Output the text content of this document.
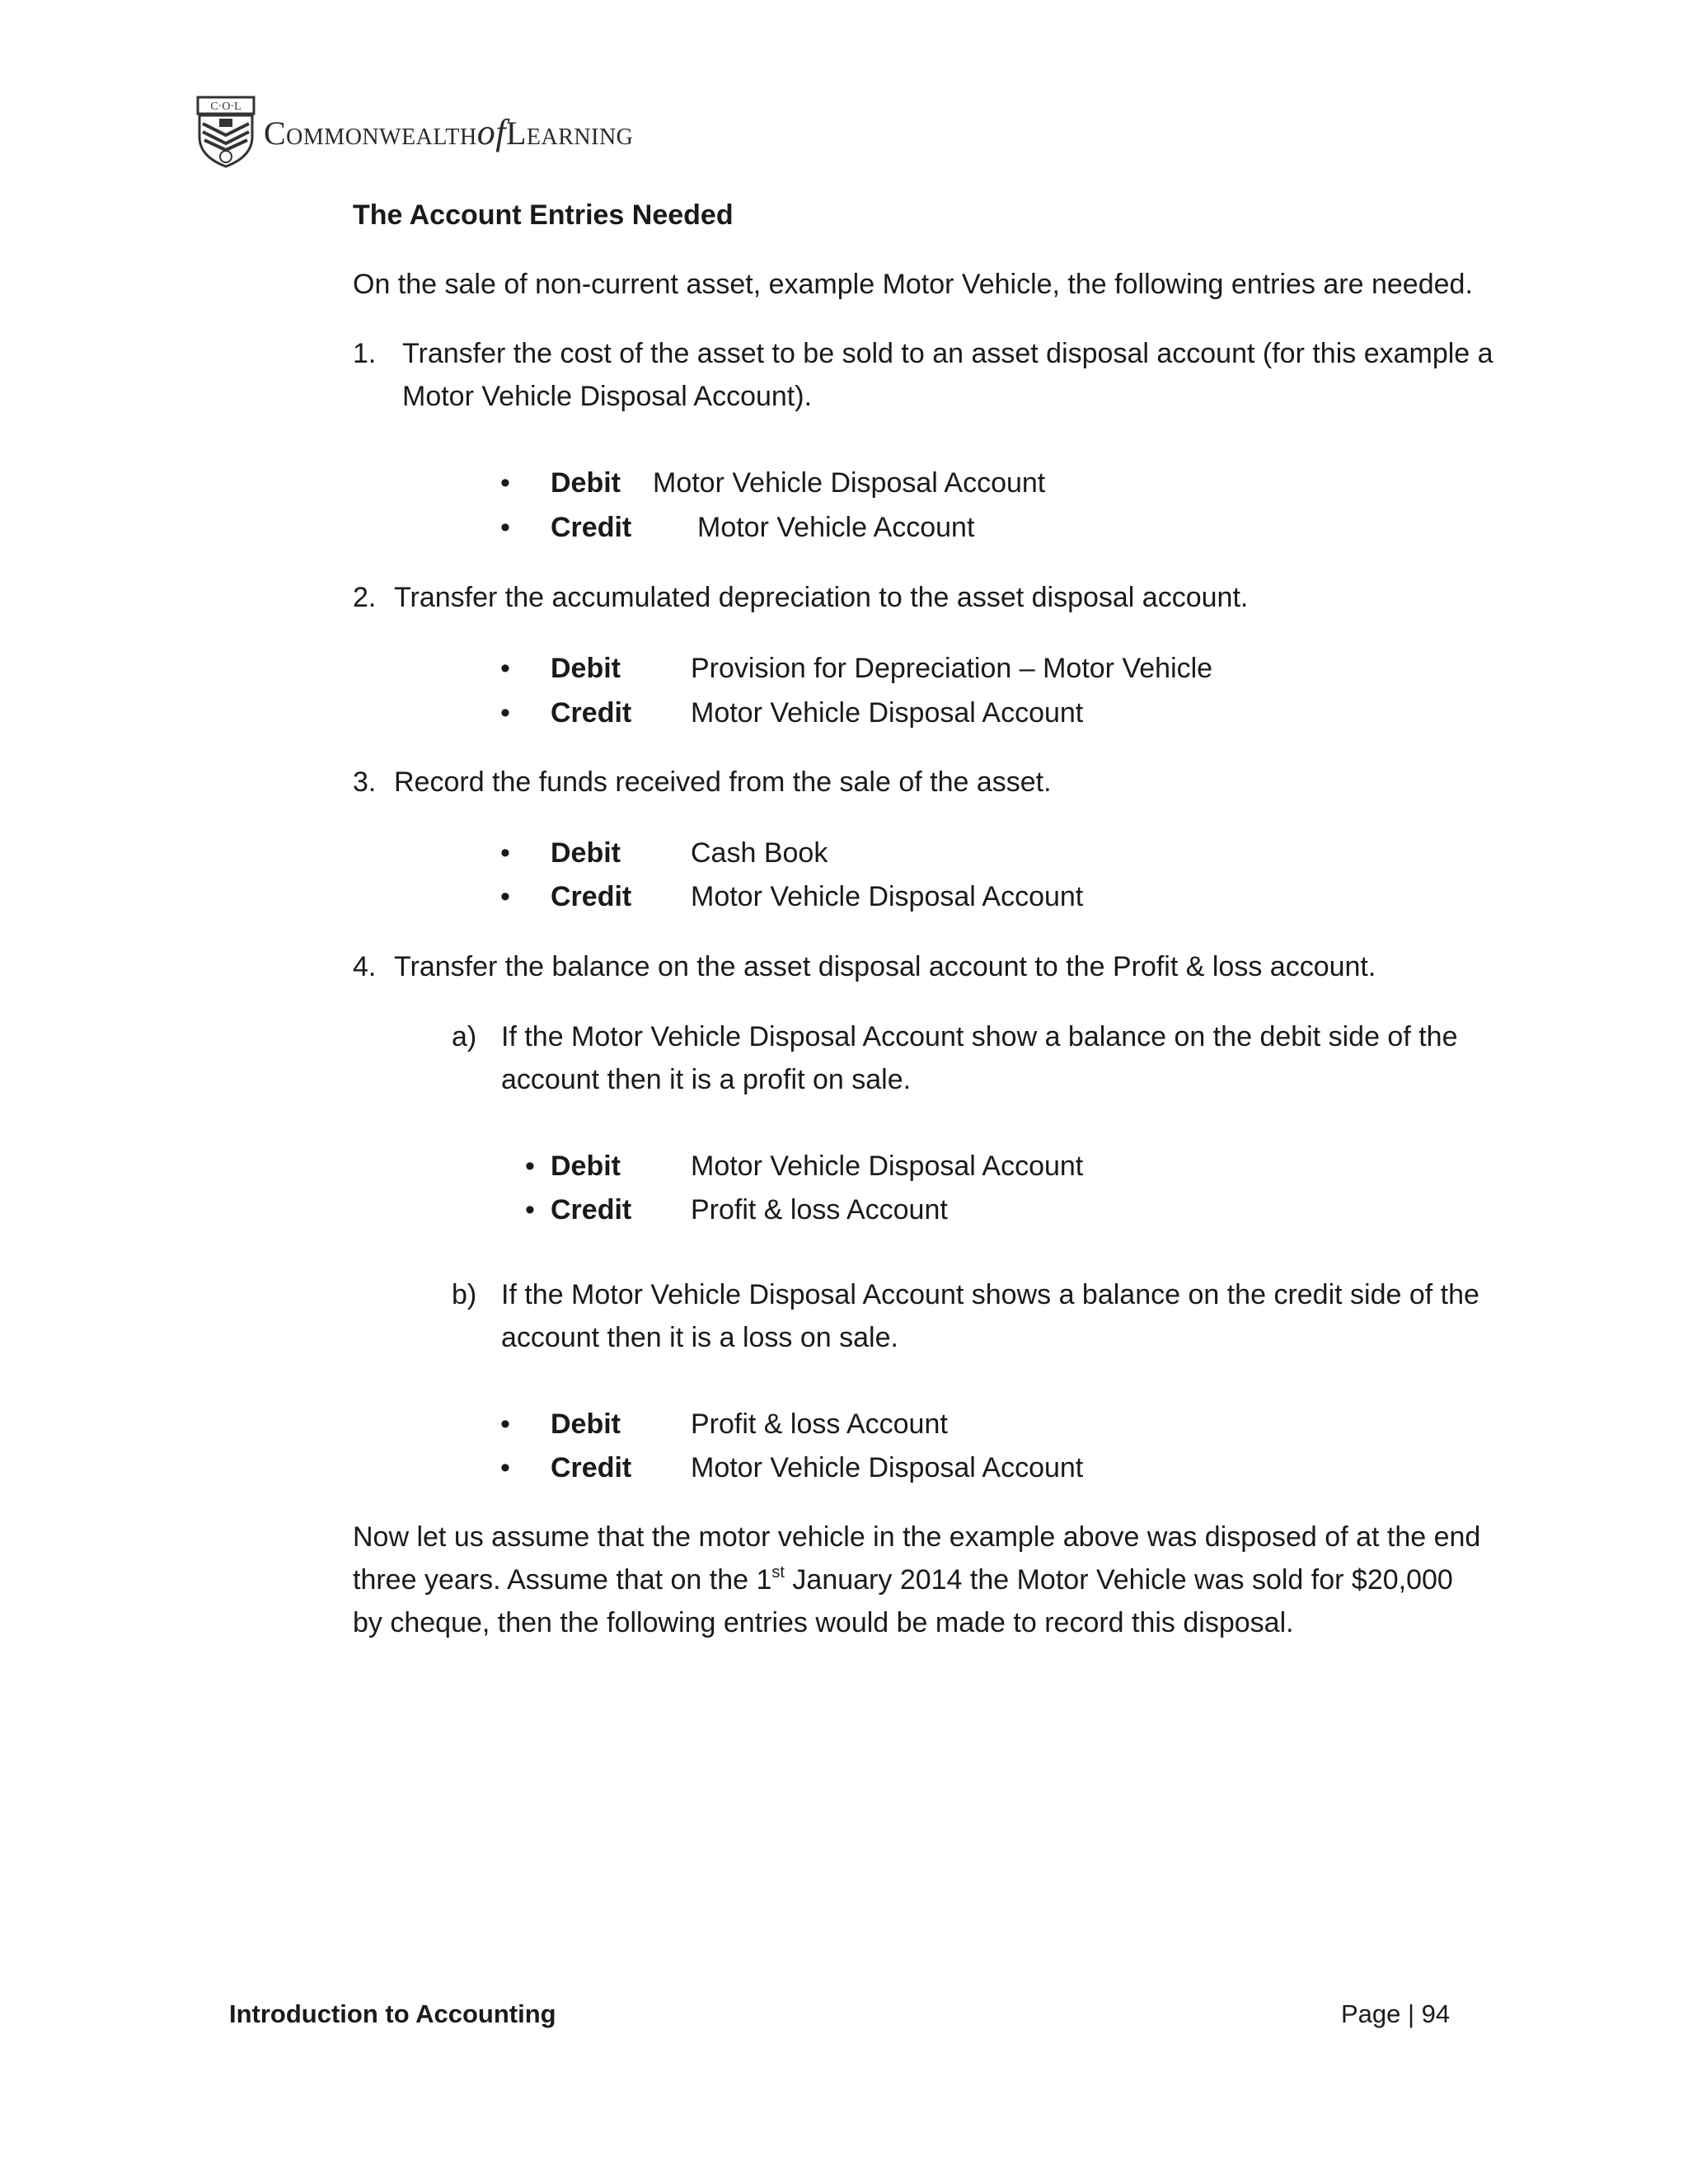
C·O·L
CommonwealthofLearning
The Account Entries Needed
On the sale of non-current asset, example Motor Vehicle, the following entries are needed.
1. Transfer the cost of the asset to be sold to an asset disposal account (for this example a
Motor Vehicle Disposal Account).
• Debit Motor Vehicle Disposal Account
• Credit Motor Vehicle Account
2. Transfer the accumulated depreciation to the asset disposal account.
• Debit	Provision for Depreciation – Motor Vehicle
• Credit Motor Vehicle Disposal Account
3. Record the funds received from the sale of the asset.
• Debit	Cash Book
• Credit Motor Vehicle Disposal Account
4. Transfer the balance on the asset disposal account to the Profit & loss account.
a) If the Motor Vehicle Disposal Account show a balance on the debit side of the
account then it is a profit on sale.
• Debit	Motor Vehicle Disposal Account
• Credit Profit & loss Account
b) If the Motor Vehicle Disposal Account shows a balance on the credit side of the
account then it is a loss on sale.
• Debit	Profit & loss Account
• Credit Motor Vehicle Disposal Account
Now let us assume that the motor vehicle in the example above was disposed of at the end
three years. Assume that on the 1st January 2014 the Motor Vehicle was sold for $20,000
by cheque, then the following entries would be made to record this disposal.
Introduction to Accounting	Page | 94
